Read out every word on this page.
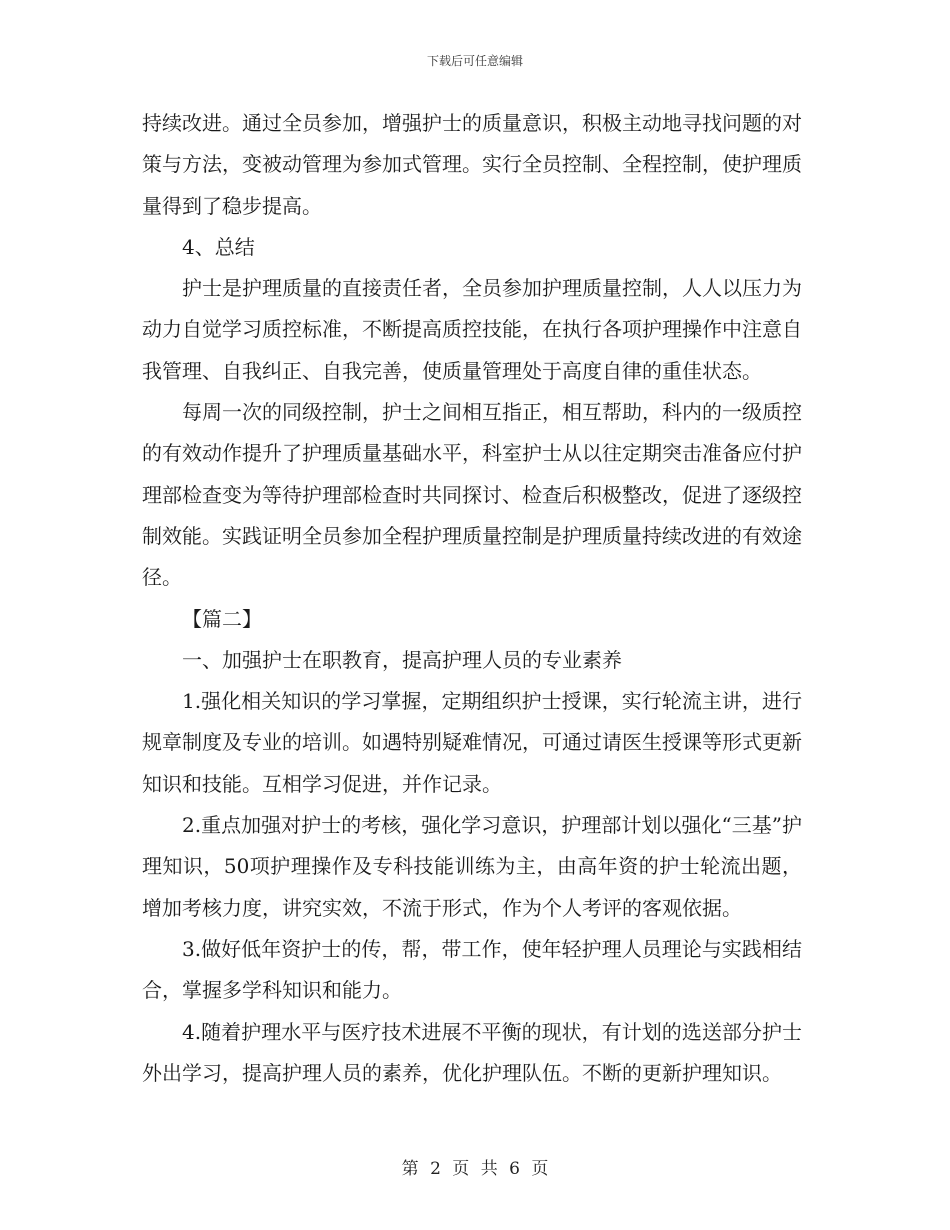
下载后可任意编辑

持续改进。通过全员参加，增强护士的质量意识，积极主动地寻找问题的对策与方法，变被动管理为参加式管理。实行全员控制、全程控制，使护理质量得到了稳步提高。

4、总结

护士是护理质量的直接责任者，全员参加护理质量控制，人人以压力为动力自觉学习质控标准，不断提高质控技能，在执行各项护理操作中注意自我管理、自我纠正、自我完善，使质量管理处于高度自律的重佳状态。

每周一次的同级控制，护士之间相互指正，相互帮助，科内的一级质控的有效动作提升了护理质量基础水平，科室护士从以往定期突击准备应付护理部检查变为等待护理部检查时共同探讨、检查后积极整改，促进了逐级控制效能。实践证明全员参加全程护理质量控制是护理质量持续改进的有效途径。

【篇二】

一、加强护士在职教育，提高护理人员的专业素养

1.强化相关知识的学习掌握，定期组织护士授课，实行轮流主讲，进行规章制度及专业的培训。如遇特别疑难情况，可通过请医生授课等形式更新知识和技能。互相学习促进，并作记录。

2.重点加强对护士的考核，强化学习意识，护理部计划以强化“三基”护理知识，50项护理操作及专科技能训练为主，由高年资的护士轮流出题，增加考核力度，讲究实效，不流于形式，作为个人考评的客观依据。

3.做好低年资护士的传，帮，带工作，使年轻护理人员理论与实践相结合，掌握多学科知识和能力。

4.随着护理水平与医疗技术进展不平衡的现状，有计划的选送部分护士外出学习，提高护理人员的素养，优化护理队伍。不断的更新护理知识。

第 2 页 共 6 页
